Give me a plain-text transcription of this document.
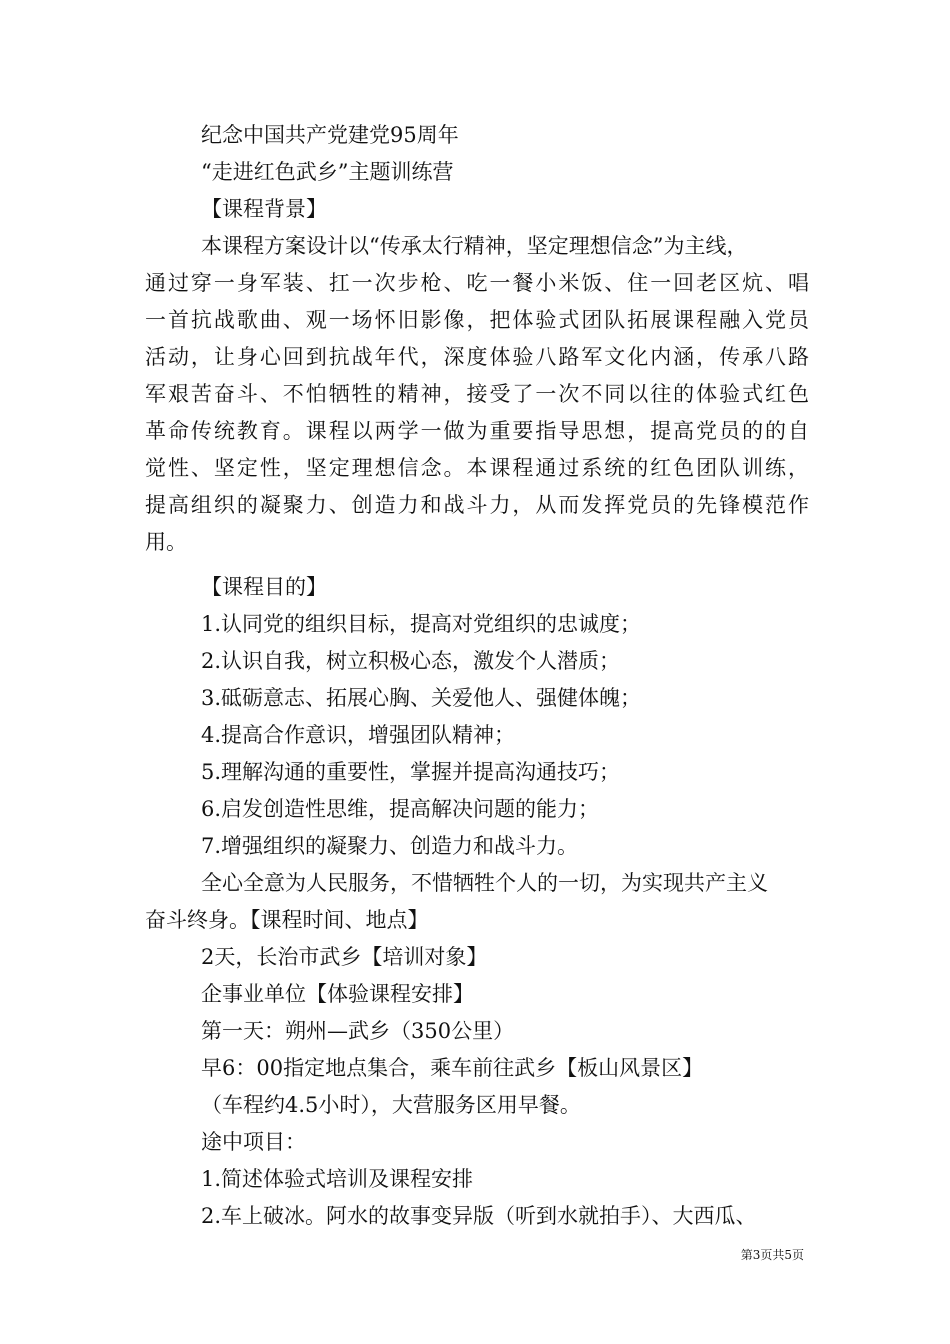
纪念中国共产党建党95周年
“走进红色武乡”主题训练营
【课程背景】
本课程方案设计以“传承太行精神，坚定理想信念”为主线，
通过穿一身军装、扛一次步枪、吃一餐小米饭、住一回老区炕、唱
一首抗战歌曲、观一场怀旧影像，把体验式团队拓展课程融入党员
活动，让身心回到抗战年代，深度体验八路军文化内涵，传承八路
军艰苦奋斗、不怕牺牲的精神，接受了一次不同以往的体验式红色
革命传统教育。课程以两学一做为重要指导思想，提高党员的的自
觉性、坚定性，坚定理想信念。本课程通过系统的红色团队训练，
提高组织的凝聚力、创造力和战斗力，从而发挥党员的先锋模范作
用。
【课程目的】
1.认同党的组织目标，提高对党组织的忠诚度；
2.认识自我，树立积极心态，激发个人潜质；
3.砥砺意志、拓展心胸、关爱他人、强健体魄；
4.提高合作意识，增强团队精神；
5.理解沟通的重要性，掌握并提高沟通技巧；
6.启发创造性思维，提高解决问题的能力；
7.增强组织的凝聚力、创造力和战斗力。
全心全意为人民服务，不惜牺牲个人的一切，为实现共产主义
奋斗终身。【课程时间、地点】
2天，长治市武乡【培训对象】
企事业单位【体验课程安排】
第一天：朔州—武乡（350公里）
早6：00指定地点集合，乘车前往武乡【板山风景区】
（车程约4.5小时），大营服务区用早餐。
途中项目：
1.简述体验式培训及课程安排
2.车上破冰。阿水的故事变异版（听到水就拍手）、大西瓜、
第3页共5页
